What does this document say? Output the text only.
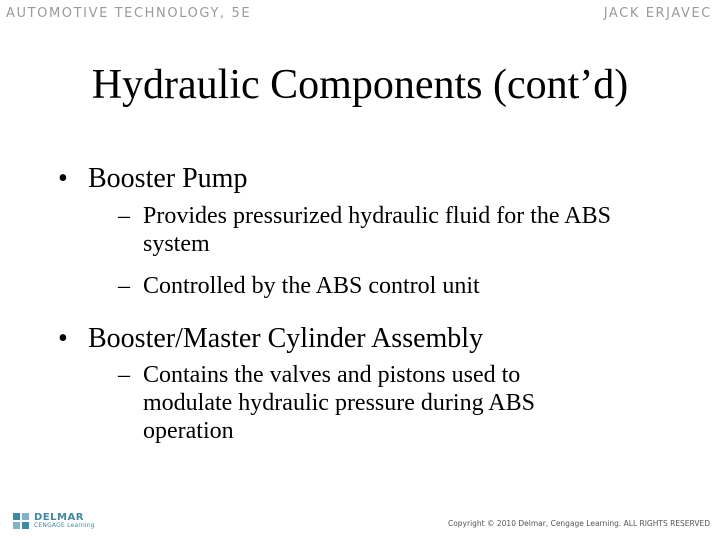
AUTOMOTIVE TECHNOLOGY, 5E	JACK ERJAVEC
Hydraulic Components (cont’d)
• Booster Pump
– Provides pressurized hydraulic fluid for the ABS system
– Controlled by the ABS control unit
• Booster/Master Cylinder Assembly
– Contains the valves and pistons used to modulate hydraulic pressure during ABS operation
DELMAR
CENGAGE Learning	Copyright © 2010 Delmar, Cengage Learning. ALL RIGHTS RESERVED
